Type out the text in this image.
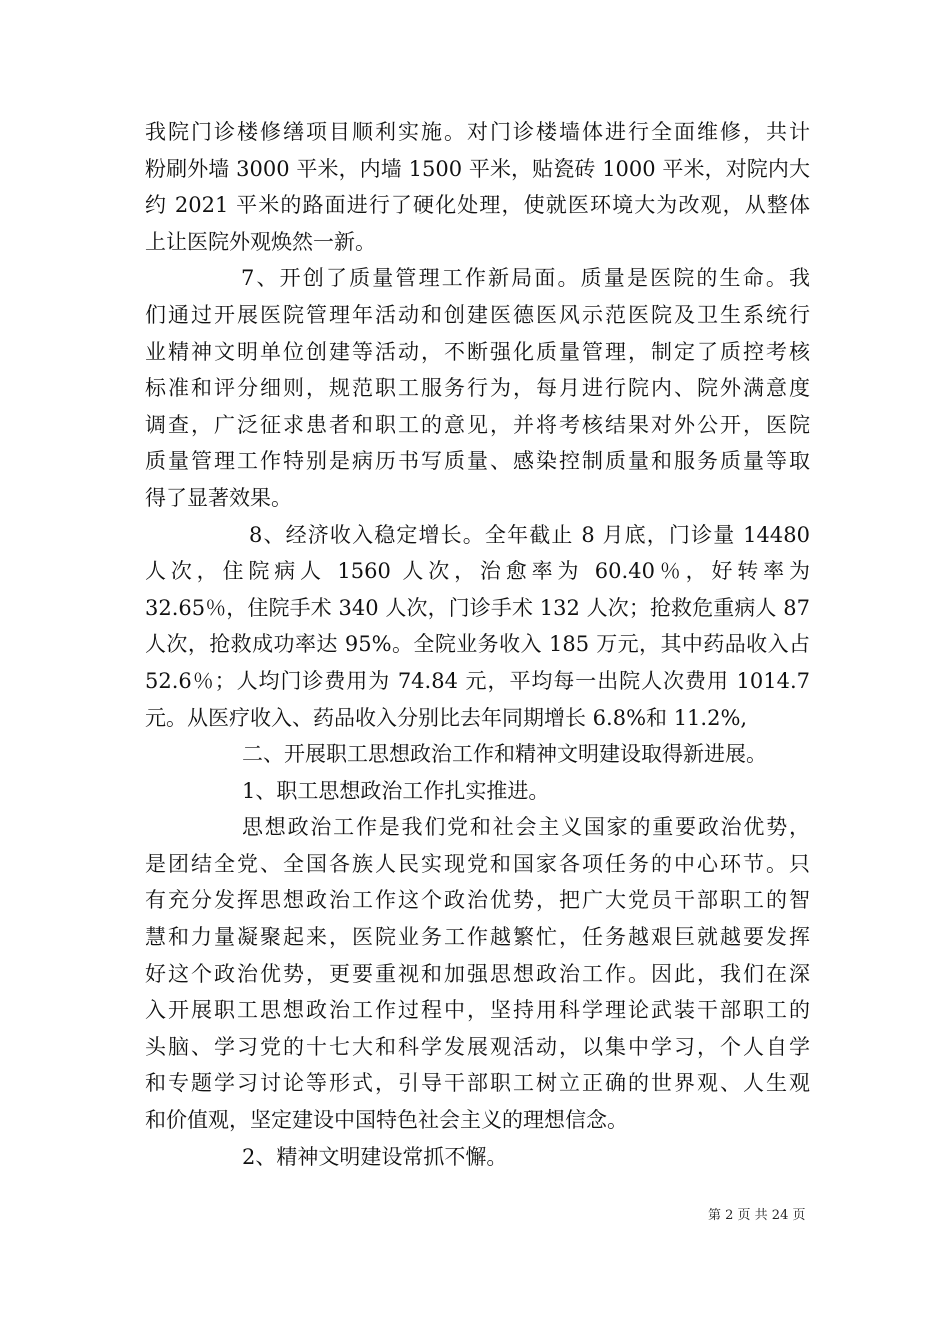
我院门诊楼修缮项目顺利实施。对门诊楼墙体进行全面维修，共计
粉刷外墙 3000 平米，内墙 1500 平米，贴瓷砖 1000 平米，对院内大
约 2021 平米的路面进行了硬化处理，使就医环境大为改观，从整体
上让医院外观焕然一新。
7、开创了质量管理工作新局面。质量是医院的生命。我
们通过开展医院管理年活动和创建医德医风示范医院及卫生系统行
业精神文明单位创建等活动，不断强化质量管理，制定了质控考核
标准和评分细则，规范职工服务行为，每月进行院内、院外满意度
调查，广泛征求患者和职工的意见，并将考核结果对外公开，医院
质量管理工作特别是病历书写质量、感染控制质量和服务质量等取
得了显著效果。
8、经济收入稳定增长。全年截止 8 月底，门诊量 14480
人次，住院病人 1560 人次，治愈率为 60.40％，好转率为
32.65％，住院手术 340 人次，门诊手术 132 人次；抢救危重病人 87
人次，抢救成功率达 95%。全院业务收入 185 万元，其中药品收入占
52.6％；人均门诊费用为 74.84 元，平均每一出院人次费用 1014.7
元。从医疗收入、药品收入分别比去年同期增长 6.8%和 11.2%,
二、开展职工思想政治工作和精神文明建设取得新进展。
1、职工思想政治工作扎实推进。
思想政治工作是我们党和社会主义国家的重要政治优势，
是团结全党、全国各族人民实现党和国家各项任务的中心环节。只
有充分发挥思想政治工作这个政治优势，把广大党员干部职工的智
慧和力量凝聚起来，医院业务工作越繁忙，任务越艰巨就越要发挥
好这个政治优势，更要重视和加强思想政治工作。因此，我们在深
入开展职工思想政治工作过程中，坚持用科学理论武装干部职工的
头脑、学习党的十七大和科学发展观活动，以集中学习，个人自学
和专题学习讨论等形式，引导干部职工树立正确的世界观、人生观
和价值观，坚定建设中国特色社会主义的理想信念。
2、精神文明建设常抓不懈。
第 2 页 共 24 页
